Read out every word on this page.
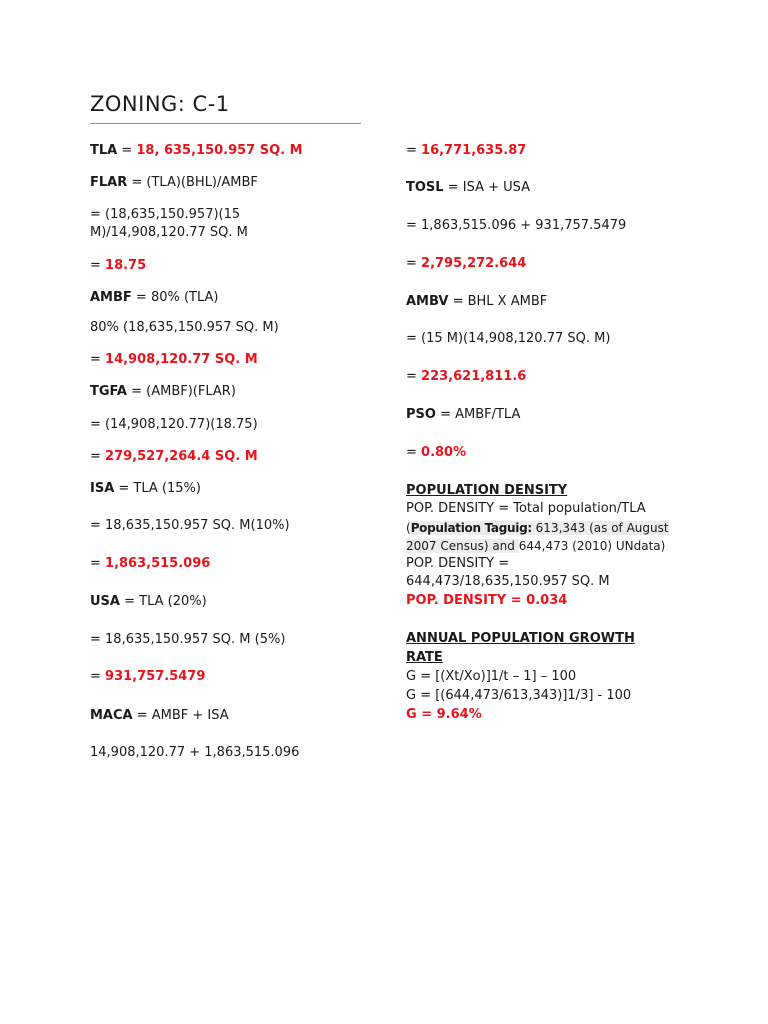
ZONING: C-1
TLA = 18, 635,150.957 SQ. M
FLAR = (TLA)(BHL)/AMBF
= (18,635,150.957)(15
M)/14,908,120.77 SQ. M
= 18.75
AMBF = 80% (TLA)
80% (18,635,150.957 SQ. M)
= 14,908,120.77 SQ. M
TGFA = (AMBF)(FLAR)
= (14,908,120.77)(18.75)
= 279,527,264.4 SQ. M
ISA = TLA (15%)
= 18,635,150.957 SQ. M(10%)
= 1,863,515.096
USA = TLA (20%)
= 18,635,150.957 SQ. M (5%)
= 931,757.5479
MACA = AMBF + ISA
14,908,120.77 + 1,863,515.096
= 16,771,635.87
TOSL = ISA + USA
= 1,863,515.096 + 931,757.5479
= 2,795,272.644
AMBV = BHL X AMBF
= (15 M)(14,908,120.77 SQ. M)
= 223,621,811.6
PSO = AMBF/TLA
= 0.80%
POPULATION DENSITY
POP. DENSITY = Total population/TLA
(Population Taguig: 613,343 (as of August
2007 Census) and 644,473 (2010) UNdata)
POP. DENSITY =
644,473/18,635,150.957 SQ. M
POP. DENSITY = 0.034
ANNUAL POPULATION GROWTH
RATE
G = [(Xt/Xo)]1/t – 1] – 100
G = [(644,473/613,343)]1/3] - 100
G = 9.64%
